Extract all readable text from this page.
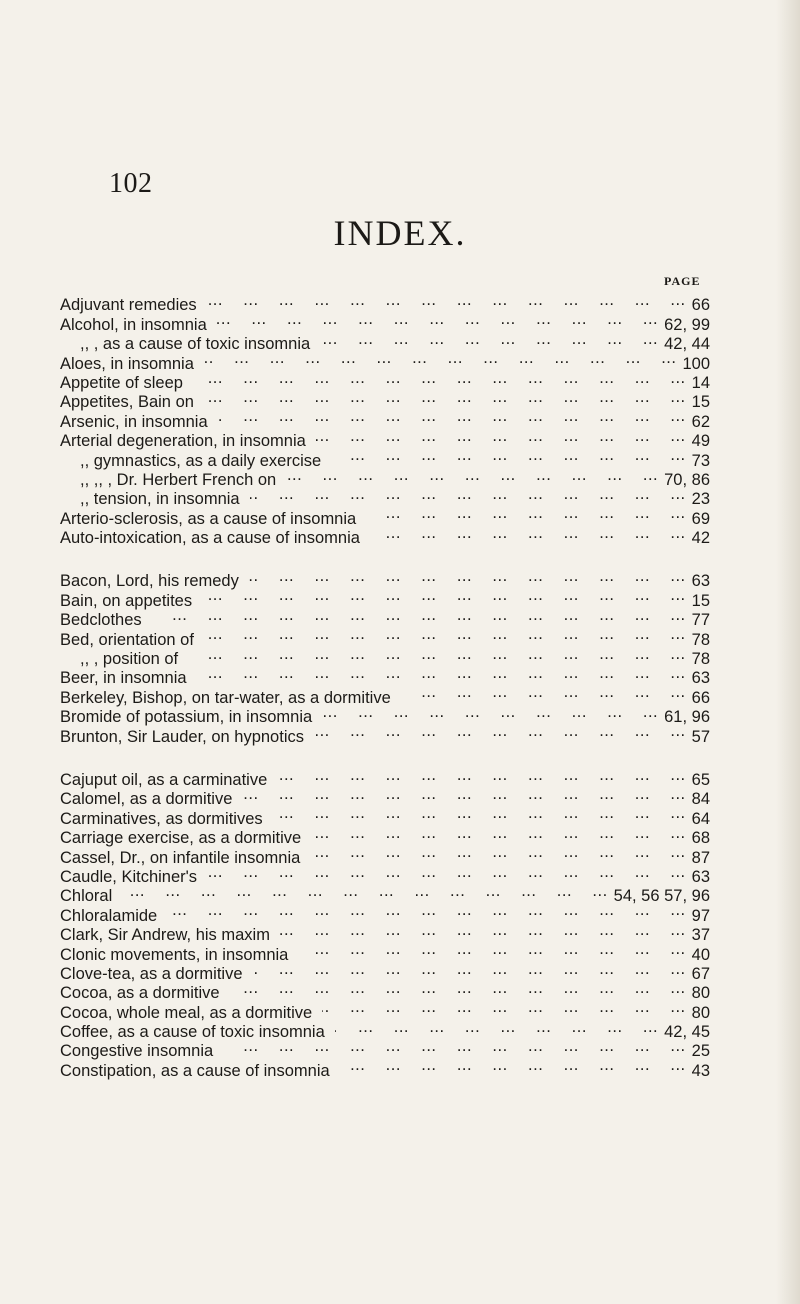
102
INDEX.
PAGE
Adjuvant remedies ...	66
Alcohol, in insomnia ...	62, 99
,, , as a cause of toxic insomnia ...	42, 44
Aloes, in insomnia ...	100
Appetite of sleep ...	14
Appetites, Bain on ...	15
Arsenic, in insomnia ...	62
Arterial degeneration, in insomnia ...	49
,, gymnastics, as a daily exercise ...	73
,, ,, , Dr. Herbert French on ...	70, 86
,, tension, in insomnia ...	23
Arterio-sclerosis, as a cause of insomnia ...	69
Auto-intoxication, as a cause of insomnia ...	42
Bacon, Lord, his remedy ...	63
Bain, on appetites ...	15
Bedclothes ...	77
Bed, orientation of ...	78
,, , position of ...	78
Beer, in insomnia ...	63
Berkeley, Bishop, on tar-water, as a dormitive ...	66
Bromide of potassium, in insomnia ...	61, 96
Brunton, Sir Lauder, on hypnotics ...	57
Cajuput oil, as a carminative ...	65
Calomel, as a dormitive ...	84
Carminatives, as dormitives ...	64
Carriage exercise, as a dormitive ...	68
Cassel, Dr., on infantile insomnia ...	87
Caudle, Kitchiner's ...	63
Chloral ...	54, 56 57, 96
Chloralamide ...	97
Clark, Sir Andrew, his maxim ...	37
Clonic movements, in insomnia ...	40
Clove-tea, as a dormitive ...	67
Cocoa, as a dormitive ...	80
Cocoa, whole meal, as a dormitive ...	80
Coffee, as a cause of toxic insomnia ...	42, 45
Congestive insomnia ...	25
Constipation, as a cause of insomnia ...	43
